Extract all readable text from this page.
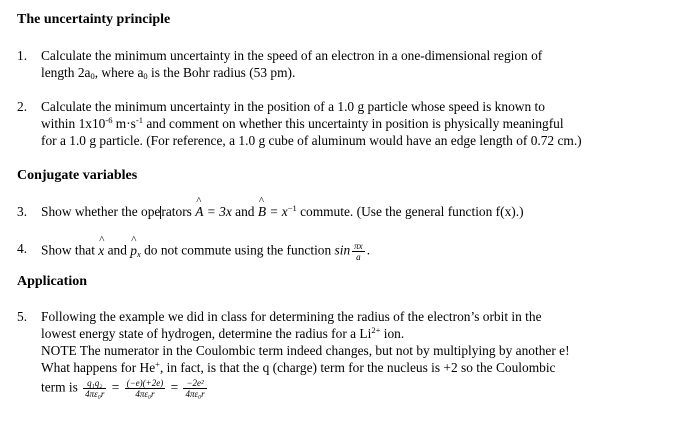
The uncertainty principle
1. Calculate the minimum uncertainty in the speed of an electron in a one-dimensional region of
length 2a0, where a0 is the Bohr radius (53 pm).
2. Calculate the minimum uncertainty in the position of a 1.0 g particle whose speed is known to
within $1x10^{-6}$ $m\cdot s^{-1}$ and comment on whether this uncertainty in position is physically meaningful
for a 1.0 g particle. (For reference, a 1.0 g cube of aluminum would have an edge length of 0.72 cm.)
Conjugate variables
3. Show whether the operators ^ A = 3x and ^ $B = x^{-1}$ commute. (Use the general function f(x).)
4. Show that ^ x and ^ px do not commute using the function $\sin \frac{\pi x}{a}$ .
Application
5. Following the example we did in class for determining the radius of the electron’s orbit in the
lowest energy state of hydrogen, determine the radius for a $Li^{2+}$ ion.
NOTE The numerator in the Coulombic term indeed changes, but not by multiplying by another e!
What happens for He+, in fact, is that the q (charge) term for the nucleus is +2 so the Coulombic
term is $\frac{\text{q₁q₂}}{\text{4πε₀r}} = \frac{(-e)(+2e)}{\text{4πε₀r}} = \frac{\text{−2e²}}{\text{4πε₀r}}$
